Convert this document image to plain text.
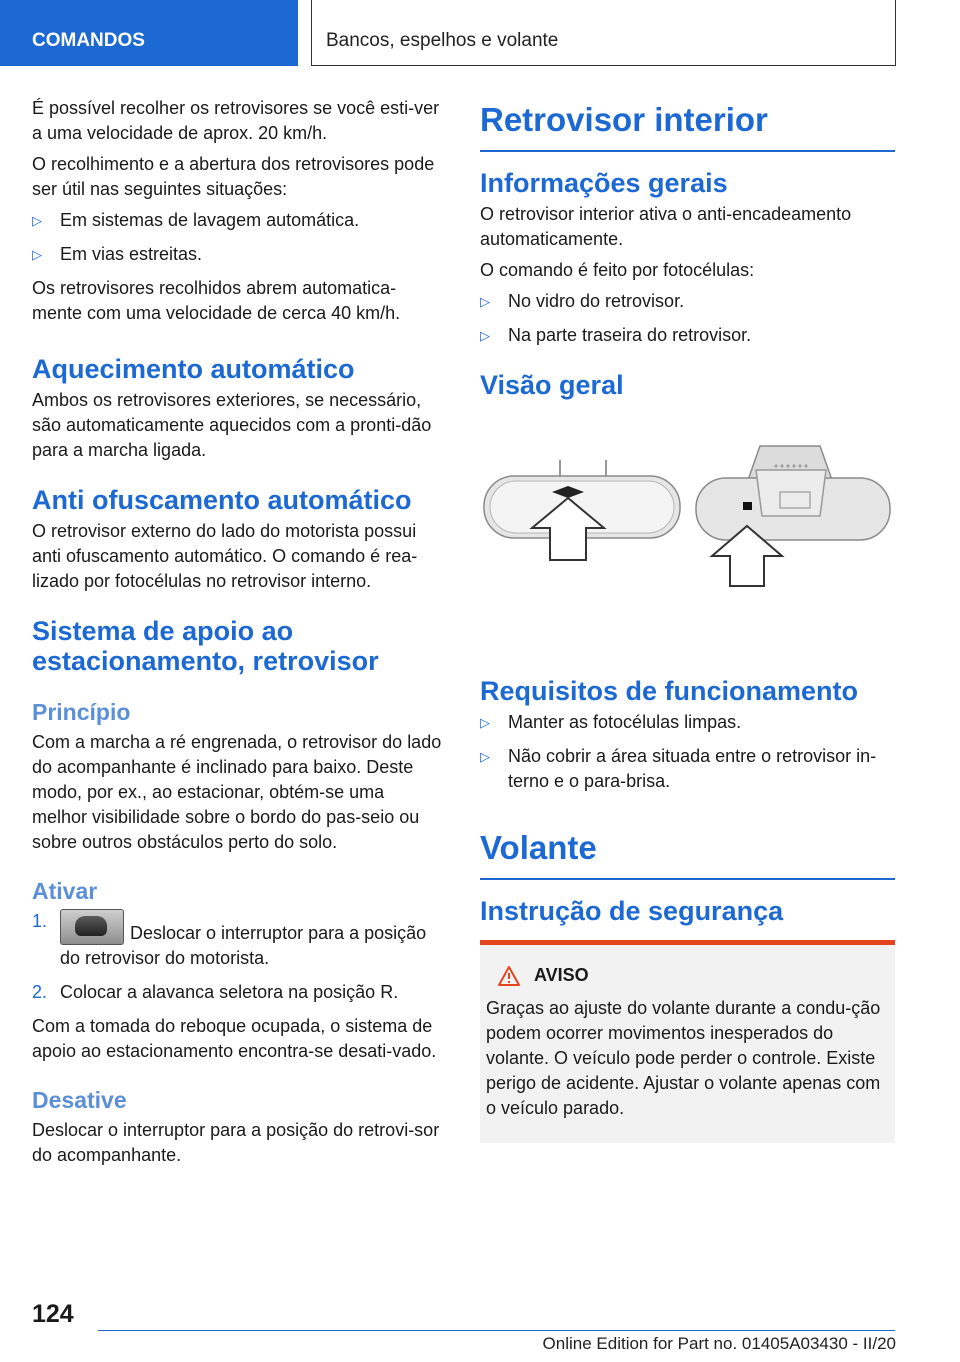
COMANDOS	Bancos, espelhos e volante

É possível recolher os retrovisores se você esti-ver a uma velocidade de aprox. 20 km/h.

O recolhimento e a abertura dos retrovisores pode ser útil nas seguintes situações:

▷ Em sistemas de lavagem automática.
▷ Em vias estreitas.

Os retrovisores recolhidos abrem automatica-mente com uma velocidade de cerca 40 km/h.

Aquecimento automático

Ambos os retrovisores exteriores, se necessário, são automaticamente aquecidos com a pronti-dão para a marcha ligada.

Anti ofuscamento automático

O retrovisor externo do lado do motorista possui anti ofuscamento automático. O comando é rea-lizado por fotocélulas no retrovisor interno.

Sistema de apoio ao estacionamento, retrovisor
Princípio

Com a marcha a ré engrenada, o retrovisor do lado do acompanhante é inclinado para baixo. Deste modo, por ex., ao estacionar, obtém-se uma melhor visibilidade sobre o bordo do pas-seio ou sobre outros obstáculos perto do solo.

Ativar
1.
Deslocar o interruptor para a posição do retrovisor do motorista.
2. Colocar a alavanca seletora na posição R.

Com a tomada do reboque ocupada, o sistema de apoio ao estacionamento encontra-se desati-vado.

Desative

Deslocar o interruptor para a posição do retrovi-sor do acompanhante.

Retrovisor interior
Informações gerais

O retrovisor interior ativa o anti-encadeamento automaticamente.

O comando é feito por fotocélulas:

▷ No vidro do retrovisor.
▷ Na parte traseira do retrovisor.
Visão geral
Requisitos de funcionamento
▷ Manter as fotocélulas limpas.
▷ Não cobrir a área situada entre o retrovisor in-terno e o para-brisa.
Volante
Instrução de segurança
AVISO

Graças ao ajuste do volante durante a condu-ção podem ocorrer movimentos inesperados do volante. O veículo pode perder o controle. Existe perigo de acidente. Ajustar o volante apenas com o veículo parado.

124
Online Edition for Part no. 01405A03430 - II/20
